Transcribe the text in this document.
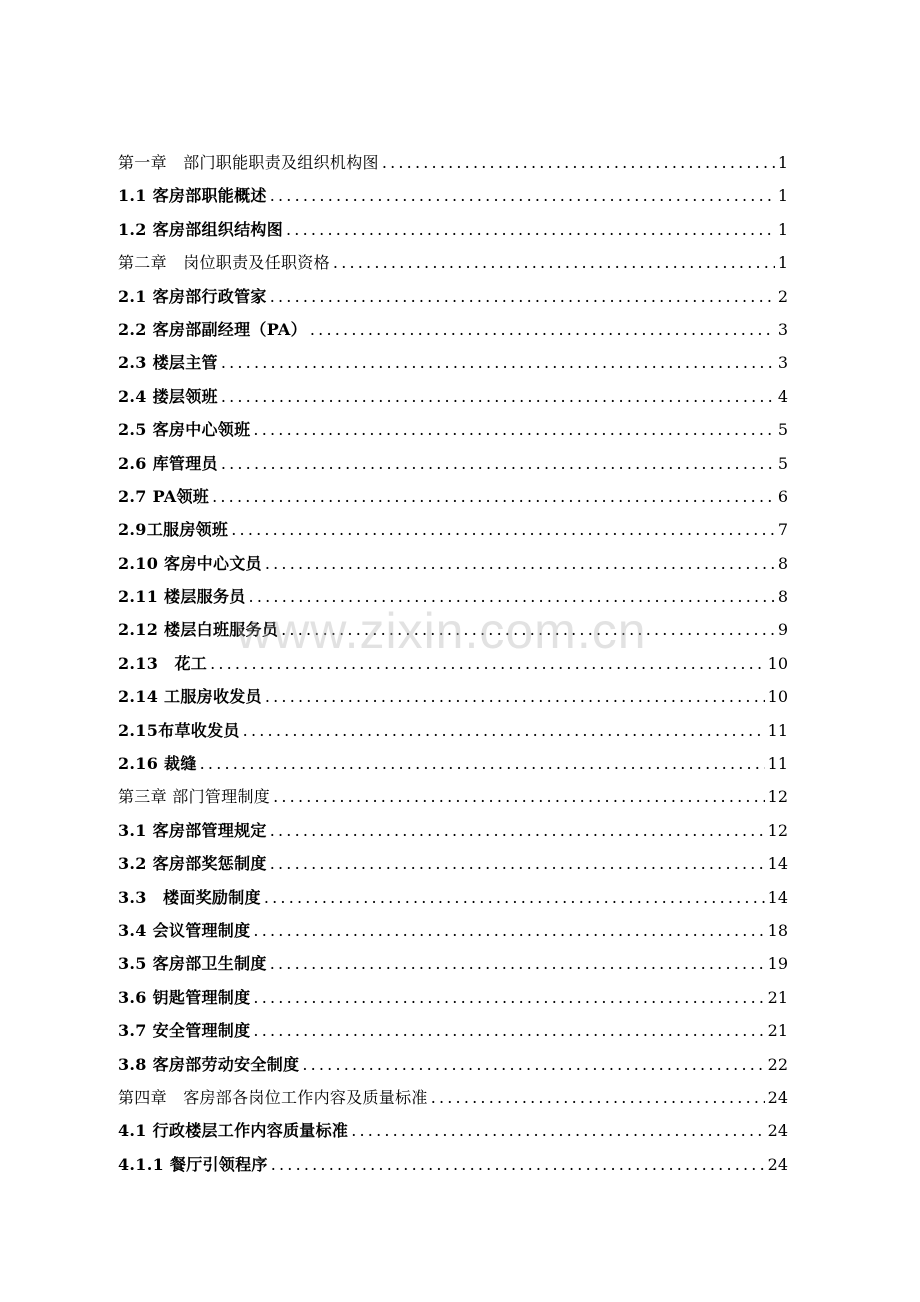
第一章　部门职能职责及组织机构图 .....	1
1.1 客房部职能概述 .....	1
1.2 客房部组织结构图 .....	1
第二章　岗位职责及任职资格 .....	1
2.1 客房部行政管家 .....	2
2.2 客房部副经理（PA） .....	3
2.3 楼层主管 .....	3
2.4 搂层领班 .....	4
2.5 客房中心领班 .....	5
2.6 库管理员 .....	5
2.7 PA领班 .....	6
2.9工服房领班 .....	7
2.10 客房中心文员 .....	8
2.11 楼层服务员 .....	8
2.12 楼层白班服务员 .....	9
2.13　花工 .....	10
2.14 工服房收发员 .....	10
2.15布草收发员 .....	11
2.16 裁缝 .....	11
第三章 部门管理制度 .....	12
3.1 客房部管理规定 .....	12
3.2 客房部奖惩制度 .....	14
3.3　楼面奖励制度 .....	14
3.4 会议管理制度 .....	18
3.5 客房部卫生制度 .....	19
3.6 钥匙管理制度 .....	21
3.7 安全管理制度 .....	21
3.8 客房部劳动安全制度 .....	22
第四章　客房部各岗位工作内容及质量标准 .....	24
4.1 行政楼层工作内容质量标准 .....	24
4.1.1 餐厅引领程序 .....	24
www.zixin.com.cn
